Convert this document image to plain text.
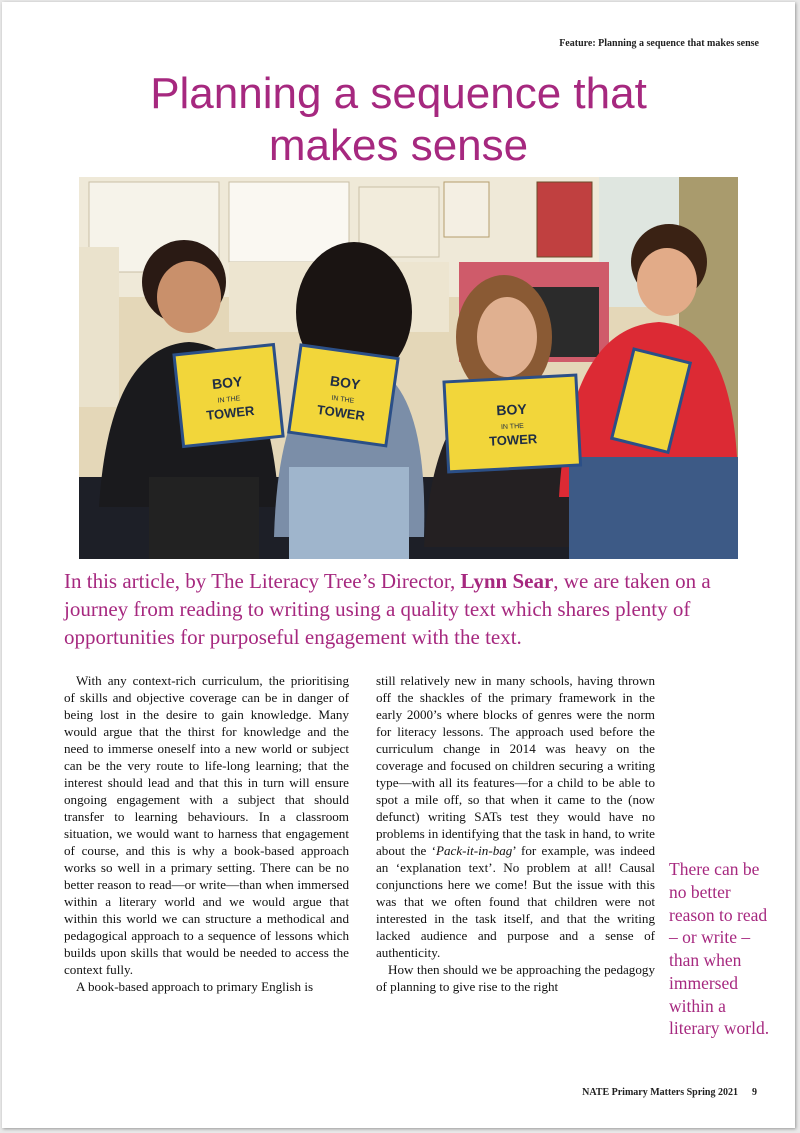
Feature: Planning a sequence that makes sense
Planning a sequence that
makes sense
BOY
IN THE
TOWER
BOY
IN THE
TOWER	BOY
IN THE
TOWER

In this article, by The Literacy Tree’s Director, Lynn Sear, we are taken on a journey from reading to writing using a quality text which shares plenty of opportunities for purposeful engagement with the text.

With any context-rich curriculum, the prioritising of skills and objective coverage can be in danger of being lost in the desire to gain knowledge. Many would argue that the thirst for knowledge and the need to immerse oneself into a new world or subject can be the very route to life-long learning; that the interest should lead and that this in turn will ensure ongoing engagement with a subject that should transfer to learning behaviours. In a classroom situation, we would want to harness that engagement of course, and this is why a book-based approach works so well in a primary setting. There can be no better reason to read—or write—than when immersed within a literary world and we would argue that within this world we can structure a methodical and pedagogical approach to a sequence of lessons which builds upon skills that would be needed to access the context fully.

A book-based approach to primary English is

still relatively new in many schools, having thrown off the shackles of the primary framework in the early 2000’s where blocks of genres were the norm for literacy lessons. The approach used before the curriculum change in 2014 was heavy on the coverage and focused on children securing a writing type—with all its features—for a child to be able to spot a mile off, so that when it came to the (now defunct) writing SATs test they would have no problems in identifying that the task in hand, to write about the ‘Pack-it-in-bag’ for example, was indeed an ‘explanation text’. No problem at all! Causal conjunctions here we come! But the issue with this was that we often found that children were not interested in the task itself, and that the writing lacked audience and purpose and a sense of authenticity.

How then should we be approaching the pedagogy of planning to give rise to the right

There can be no better reason to read – or write – than when immersed within a literary world.

NATE Primary Matters Spring 2021 9
